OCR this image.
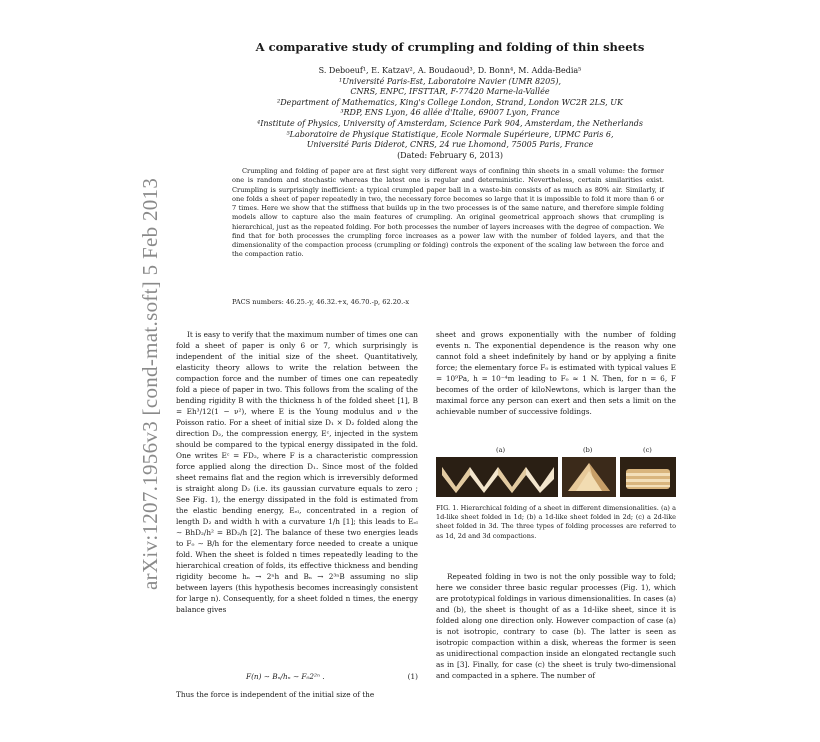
arXiv:1207.1956v3 [cond-mat.soft] 5 Feb 2013
A comparative study of crumpling and folding of thin sheets
S. Deboeuf¹, E. Katzav², A. Boudaoud³, D. Bonn⁴, M. Adda-Bedia⁵
¹Université Paris-Est, Laboratoire Navier (UMR 8205),
CNRS, ENPC, IFSTTAR, F-77420 Marne-la-Vallée
²Department of Mathematics, King's College London, Strand, London WC2R 2LS, UK
³RDP, ENS Lyon, 46 allée d'Italie, 69007 Lyon, France
⁴Institute of Physics, University of Amsterdam, Science Park 904, Amsterdam, the Netherlands
⁵Laboratoire de Physique Statistique, Ecole Normale Supérieure, UPMC Paris 6,
Université Paris Diderot, CNRS, 24 rue Lhomond, 75005 Paris, France
(Dated: February 6, 2013)
Crumpling and folding of paper are at first sight very different ways of confining thin sheets in a small volume: the former one is random and stochastic whereas the latest one is regular and deterministic. Nevertheless, certain similarities exist. Crumpling is surprisingly inefficient: a typical crumpled paper ball in a waste-bin consists of as much as 80% air. Similarly, if one folds a sheet of paper repeatedly in two, the necessary force becomes so large that it is impossible to fold it more than 6 or 7 times. Here we show that the stiffness that builds up in the two processes is of the same nature, and therefore simple folding models allow to capture also the main features of crumpling. An original geometrical approach shows that crumpling is hierarchical, just as the repeated folding. For both processes the number of layers increases with the degree of compaction. We find that for both processes the crumpling force increases as a power law with the number of folded layers, and that the dimensionality of the compaction process (crumpling or folding) controls the exponent of the scaling law between the force and the compaction ratio.
PACS numbers: 46.25.-y, 46.32.+x, 46.70.-p, 62.20.-x

It is easy to verify that the maximum number of times one can fold a sheet of paper is only 6 or 7, which surprisingly is independent of the initial size of the sheet. Quantitatively, elasticity theory allows to write the relation between the compaction force and the number of times one can repeatedly fold a piece of paper in two. This follows from the scaling of the bending rigidity B with the thickness h of the folded sheet [1], B = Eh³/12(1 − ν²), where E is the Young modulus and ν the Poisson ratio. For a sheet of initial size D₁ × D₂ folded along the direction D₂, the compression energy, Eᶜ, injected in the system should be compared to the typical energy dissipated in the fold. One writes Eᶜ = FD₂, where F is a characteristic compression force applied along the direction D₁. Since most of the folded sheet remains flat and the region which is irreversibly deformed is straight along D₂ (i.e. its gaussian curvature equals to zero ; See Fig. 1), the energy dissipated in the fold is estimated from the elastic bending energy, Eₑₗ, concentrated in a region of length D₂ and width h with a curvature 1/h [1]; this leads to Eₑₗ ∼ BhD₂/h² = BD₂/h [2]. The balance of these two energies leads to F₀ ∼ B/h for the elementary force needed to create a unique fold. When the sheet is folded n times repeatedly leading to the hierarchical creation of folds, its effective thickness and bending rigidity become hₙ → 2ⁿh and Bₙ → 2³ⁿB assuming no slip between layers (this hypothesis becomes increasingly consistent for large n). Consequently, for a sheet folded n times, the energy balance gives

F(n) ∼ Bₙ/hₙ ∼ F₀2²ⁿ .	(1)
Thus the force is independent of the initial size of the

sheet and grows exponentially with the number of folding events n. The exponential dependence is the reason why one cannot fold a sheet indefinitely by hand or by applying a finite force; the elementary force F₀ is estimated with typical values E = 10⁹Pa, h = 10⁻⁴m leading to F₀ ≈ 1 N. Then, for n = 6, F becomes of the order of kiloNewtons, which is larger than the maximal force any person can exert and then sets a limit on the achievable number of successive foldings.

(a)	(b)	(c)
FIG. 1. Hierarchical folding of a sheet in different dimensionalities. (a) a 1d-like sheet folded in 1d; (b) a 1d-like sheet folded in 2d; (c) a 2d-like sheet folded in 3d. The three types of folding processes are referred to as 1d, 2d and 3d compactions.

Repeated folding in two is not the only possible way to fold; here we consider three basic regular processes (Fig. 1), which are prototypical foldings in various dimensionalities. In cases (a) and (b), the sheet is thought of as a 1d-like sheet, since it is folded along one direction only. However compaction of case (a) is not isotropic, contrary to case (b). The latter is seen as isotropic compaction within a disk, whereas the former is seen as unidirectional compaction inside an elongated rectangle such as in [3]. Finally, for case (c) the sheet is truly two-dimensional and compacted in a sphere. The number of
